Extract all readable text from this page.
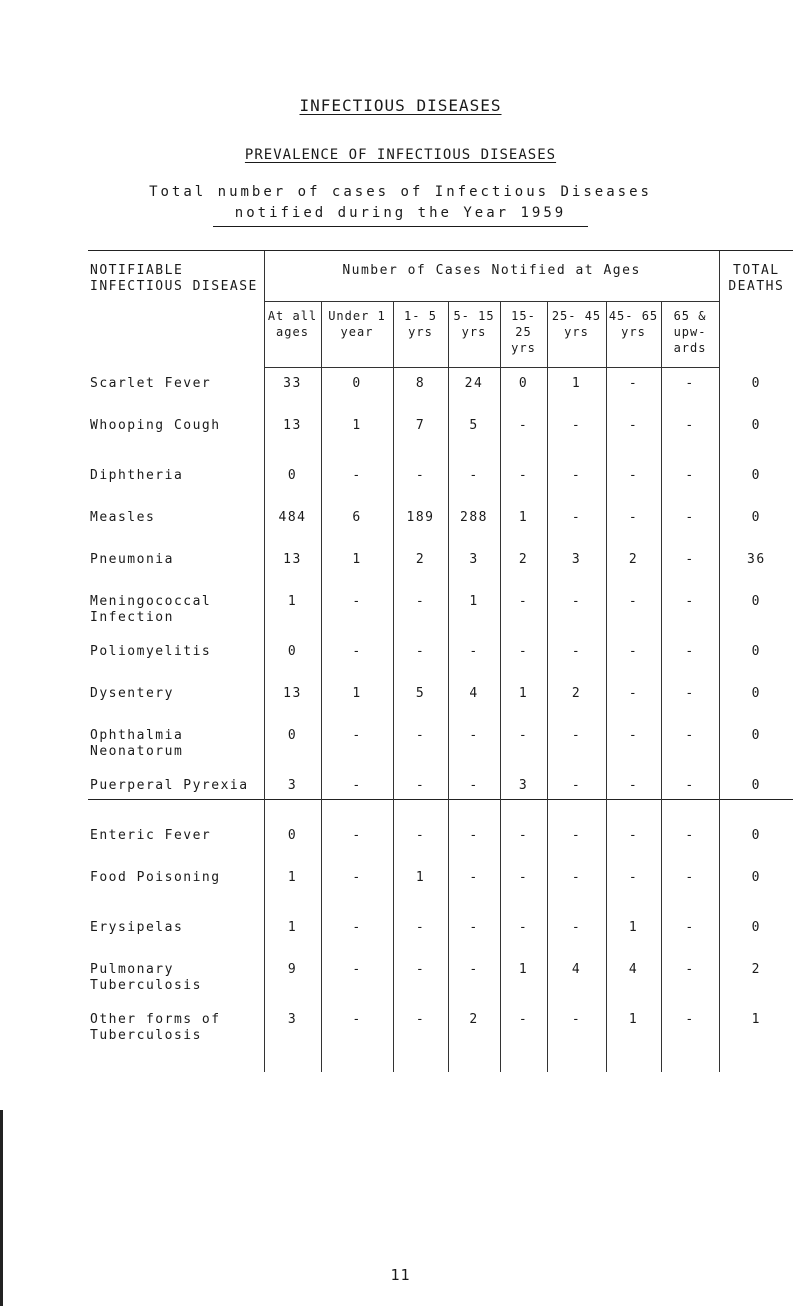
INFECTIOUS DISEASES
PREVALENCE OF INFECTIOUS DISEASES
Total number of cases of Infectious Diseases
notified during the Year 1959
NOTIFIABLE INFECTIOUS DISEASE	Number of Cases Notified at Ages								TOTAL DEATHS
	At all ages	Under 1 year	1- 5 yrs	5- 15 yrs	15- 25 yrs	25- 45 yrs	45- 65 yrs	65 & upw- ards	
Scarlet Fever	33	0	8	24	0	1	-	-	0
Whooping Cough	13	1	7	5	-	-	-	-	0
Diphtheria	0	-	-	-	-	-	-	-	0
Measles	484	6	189	288	1	-	-	-	0
Pneumonia	13	1	2	3	2	3	2	-	36
Meningococcal Infection	1	-	-	1	-	-	-	-	0
Poliomyelitis	0	-	-	-	-	-	-	-	0
Dysentery	13	1	5	4	1	2	-	-	0
Ophthalmia Neonatorum	0	-	-	-	-	-	-	-	0
Puerperal Pyrexia	3	-	-	-	3	-	-	-	0
Enteric Fever	0	-	-	-	-	-	-	-	0
Food Poisoning	1	-	1	-	-	-	-	-	0
Erysipelas	1	-	-	-	-	-	1	-	0
Pulmonary Tuberculosis	9	-	-	-	1	4	4	-	2
Other forms of Tuberculosis	3	-	-	2	-	-	1	-	1
11
